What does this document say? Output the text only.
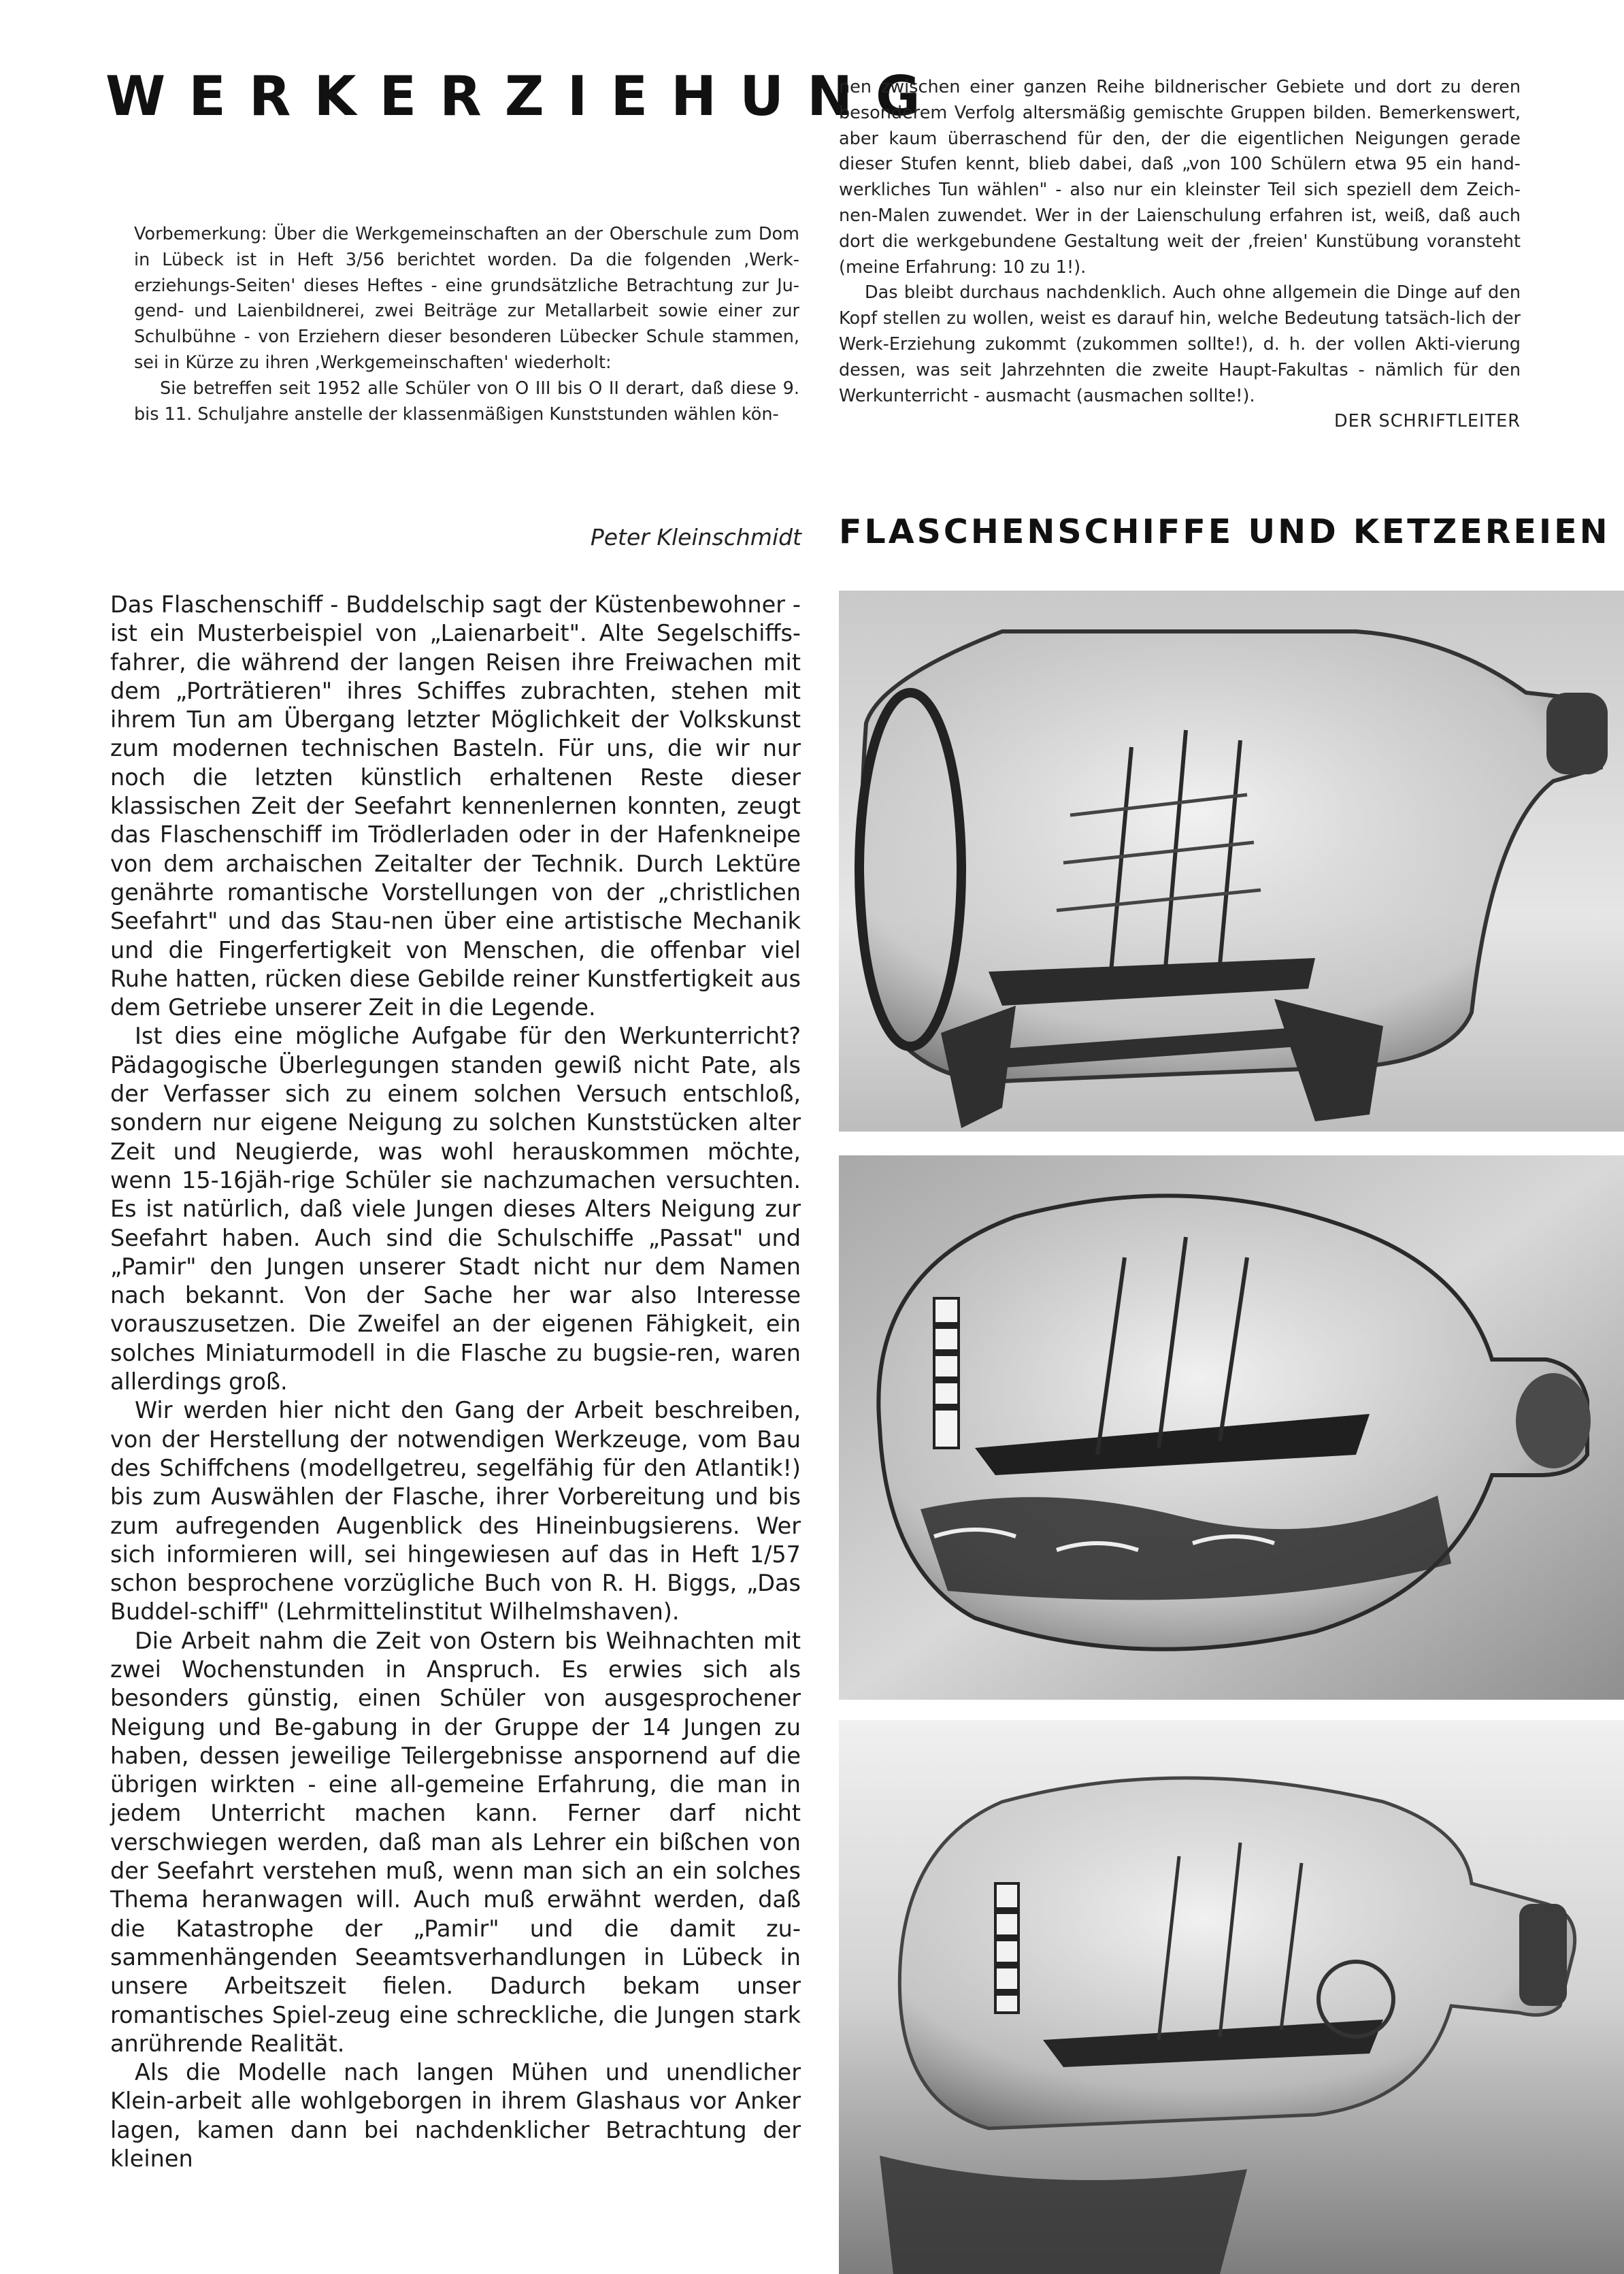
WERKERZIEHUNG

Vorbemerkung: Über die Werkgemeinschaften an der Oberschule zum Dom in Lübeck ist in Heft 3/56 berichtet worden. Da die folgenden ‚Werk-erziehungs-Seiten' dieses Heftes - eine grundsätzliche Betrachtung zur Ju-gend- und Laienbildnerei, zwei Beiträge zur Metallarbeit sowie einer zur Schulbühne - von Erziehern dieser besonderen Lübecker Schule stammen, sei in Kürze zu ihren ‚Werkgemeinschaften' wiederholt:

Sie betreffen seit 1952 alle Schüler von O III bis O II derart, daß diese 9. bis 11. Schuljahre anstelle der klassenmäßigen Kunststunden wählen kön-

nen zwischen einer ganzen Reihe bildnerischer Gebiete und dort zu deren besonderem Verfolg altersmäßig gemischte Gruppen bilden. Bemerkenswert, aber kaum überraschend für den, der die eigentlichen Neigungen gerade dieser Stufen kennt, blieb dabei, daß „von 100 Schülern etwa 95 ein hand-werkliches Tun wählen" - also nur ein kleinster Teil sich speziell dem Zeich-nen-Malen zuwendet. Wer in der Laienschulung erfahren ist, weiß, daß auch dort die werkgebundene Gestaltung weit der ‚freien' Kunstübung voransteht (meine Erfahrung: 10 zu 1!).

Das bleibt durchaus nachdenklich. Auch ohne allgemein die Dinge auf den Kopf stellen zu wollen, weist es darauf hin, welche Bedeutung tatsäch-lich der Werk-Erziehung zukommt (zukommen sollte!), d. h. der vollen Akti-vierung dessen, was seit Jahrzehnten die zweite Haupt-Fakultas - nämlich für den Werkunterricht - ausmacht (ausmachen sollte!).

DER SCHRIFTLEITER
Peter Kleinschmidt FLASCHENSCHIFFE UND KETZEREIEN

Das Flaschenschiff - Buddelschip sagt der Küstenbewohner - ist ein Musterbeispiel von „Laienarbeit". Alte Segelschiffs-fahrer, die während der langen Reisen ihre Freiwachen mit dem „Porträtieren" ihres Schiffes zubrachten, stehen mit ihrem Tun am Übergang letzter Möglichkeit der Volkskunst zum modernen technischen Basteln. Für uns, die wir nur noch die letzten künstlich erhaltenen Reste dieser klassischen Zeit der Seefahrt kennenlernen konnten, zeugt das Flaschenschiff im Trödlerladen oder in der Hafenkneipe von dem archaischen Zeitalter der Technik. Durch Lektüre genährte romantische Vorstellungen von der „christlichen Seefahrt" und das Stau-nen über eine artistische Mechanik und die Fingerfertigkeit von Menschen, die offenbar viel Ruhe hatten, rücken diese Gebilde reiner Kunstfertigkeit aus dem Getriebe unserer Zeit in die Legende.

Ist dies eine mögliche Aufgabe für den Werkunterricht? Pädagogische Überlegungen standen gewiß nicht Pate, als der Verfasser sich zu einem solchen Versuch entschloß, sondern nur eigene Neigung zu solchen Kunststücken alter Zeit und Neugierde, was wohl herauskommen möchte, wenn 15-16jäh-rige Schüler sie nachzumachen versuchten. Es ist natürlich, daß viele Jungen dieses Alters Neigung zur Seefahrt haben. Auch sind die Schulschiffe „Passat" und „Pamir" den Jungen unserer Stadt nicht nur dem Namen nach bekannt. Von der Sache her war also Interesse vorauszusetzen. Die Zweifel an der eigenen Fähigkeit, ein solches Miniaturmodell in die Flasche zu bugsie-ren, waren allerdings groß.

Wir werden hier nicht den Gang der Arbeit beschreiben, von der Herstellung der notwendigen Werkzeuge, vom Bau des Schiffchens (modellgetreu, segelfähig für den Atlantik!) bis zum Auswählen der Flasche, ihrer Vorbereitung und bis zum aufregenden Augenblick des Hineinbugsierens. Wer sich informieren will, sei hingewiesen auf das in Heft 1/57 schon besprochene vorzügliche Buch von R. H. Biggs, „Das Buddel-schiff" (Lehrmittelinstitut Wilhelmshaven).

Die Arbeit nahm die Zeit von Ostern bis Weihnachten mit zwei Wochenstunden in Anspruch. Es erwies sich als besonders günstig, einen Schüler von ausgesprochener Neigung und Be-gabung in der Gruppe der 14 Jungen zu haben, dessen jeweilige Teilergebnisse anspornend auf die übrigen wirkten - eine all-gemeine Erfahrung, die man in jedem Unterricht machen kann. Ferner darf nicht verschwiegen werden, daß man als Lehrer ein bißchen von der Seefahrt verstehen muß, wenn man sich an ein solches Thema heranwagen will. Auch muß erwähnt werden, daß die Katastrophe der „Pamir" und die damit zu-sammenhängenden Seeamtsverhandlungen in Lübeck in unsere Arbeitszeit fielen. Dadurch bekam unser romantisches Spiel-zeug eine schreckliche, die Jungen stark anrührende Realität.

Als die Modelle nach langen Mühen und unendlicher Klein-arbeit alle wohlgeborgen in ihrem Glashaus vor Anker lagen, kamen dann bei nachdenklicher Betrachtung der kleinen
